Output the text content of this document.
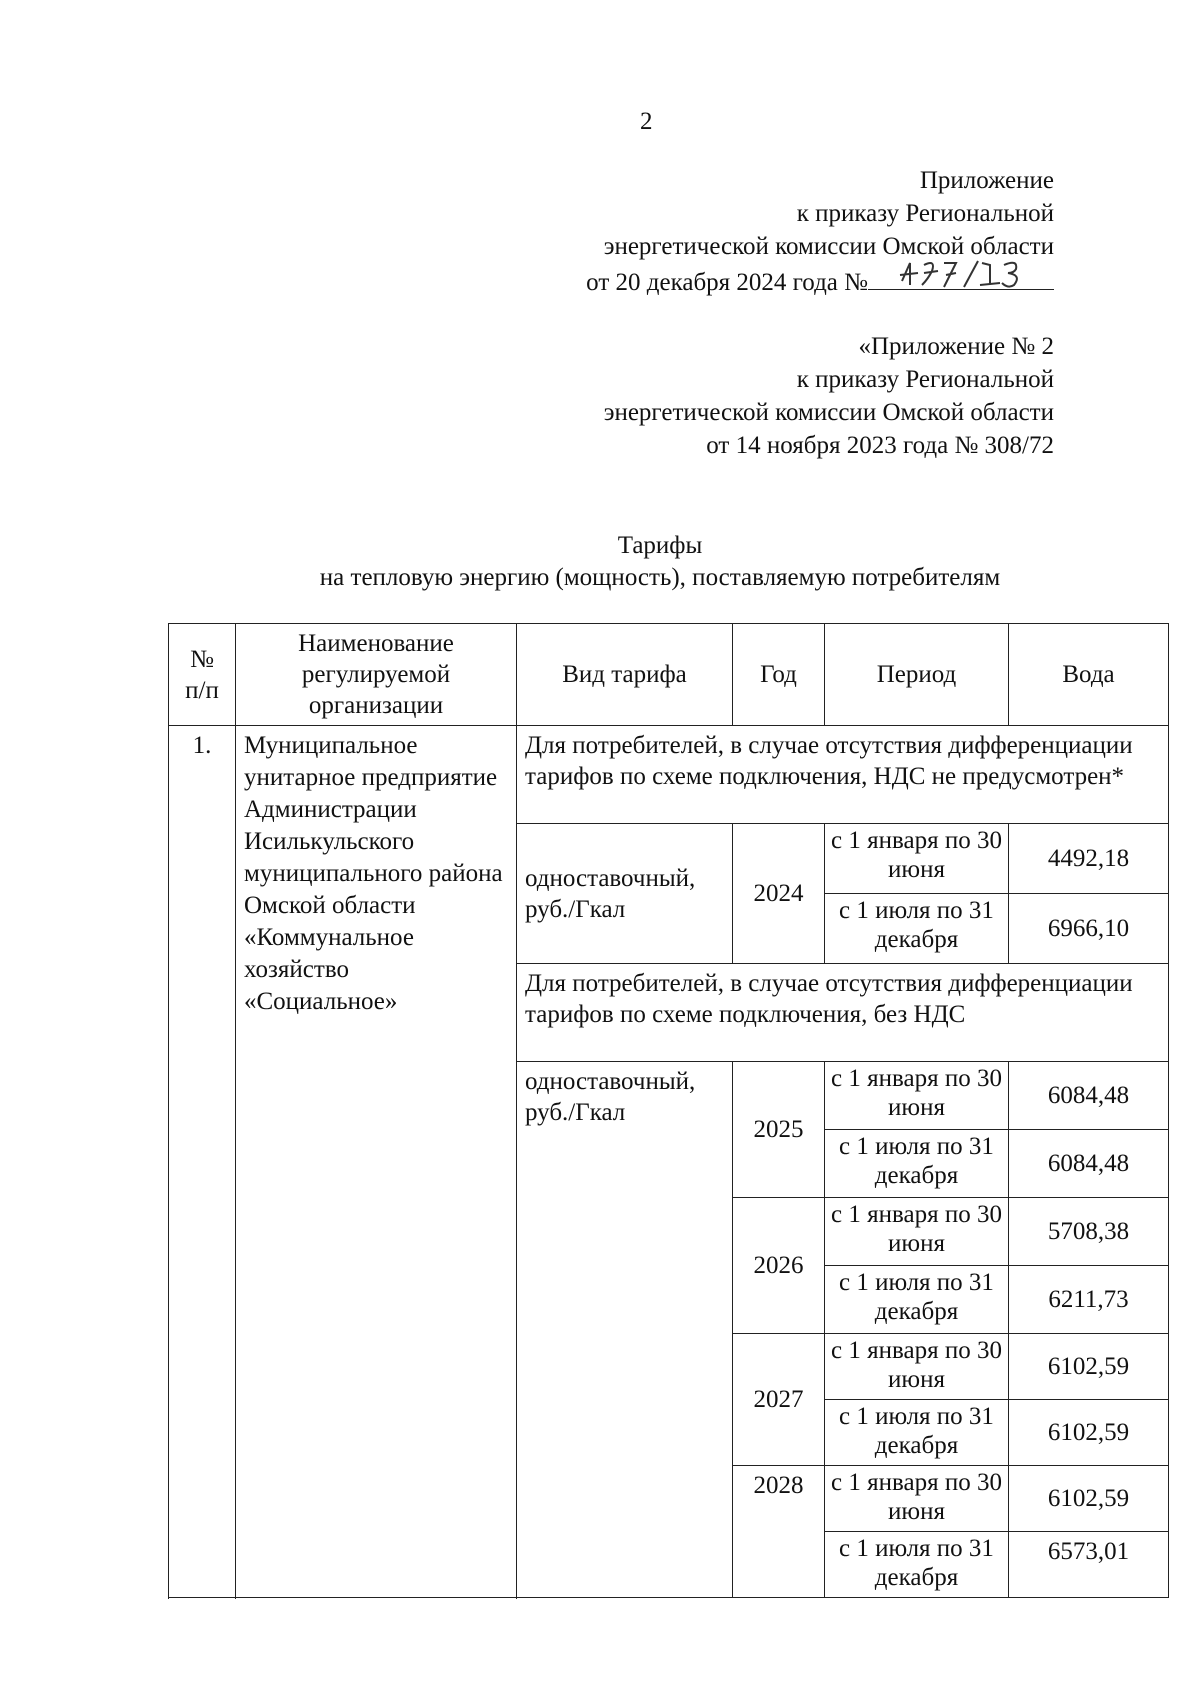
2
Приложение
к приказу Региональной
энергетической комиссии Омской области
от 20 декабря 2024 года №
«Приложение № 2
к приказу Региональной
энергетической комиссии Омской области
от 14 ноября 2023 года № 308/72
Тарифы
на тепловую энергию (мощность), поставляемую потребителям
№ п/п	Наименование регулируемой организации	Вид тарифа	Год	Период	Вода
1.	Муниципальное унитарное предприятие Администрации Исилькульского муниципального района Омской области «Коммунальное хозяйство «Социальное»	Для потребителей, в случае отсутствия дифференциации тарифов по схеме подключения, НДС не предусмотрен*			
		одноставочный, руб./Гкал	2024	с 1 января по 30 июня	4492,18
				с 1 июля по 31 декабря	6966,10
		Для потребителей, в случае отсутствия дифференциации тарифов по схеме подключения, без НДС			
		одноставочный, руб./Гкал	2025	с 1 января по 30 июня	6084,48
				с 1 июля по 31 декабря	6084,48
			2026	с 1 января по 30 июня	5708,38
				с 1 июля по 31 декабря	6211,73
			2027	с 1 января по 30 июня	6102,59
				с 1 июля по 31 декабря	6102,59
			2028	с 1 января по 30 июня	6102,59
				с 1 июля по 31 декабря	6573,01
